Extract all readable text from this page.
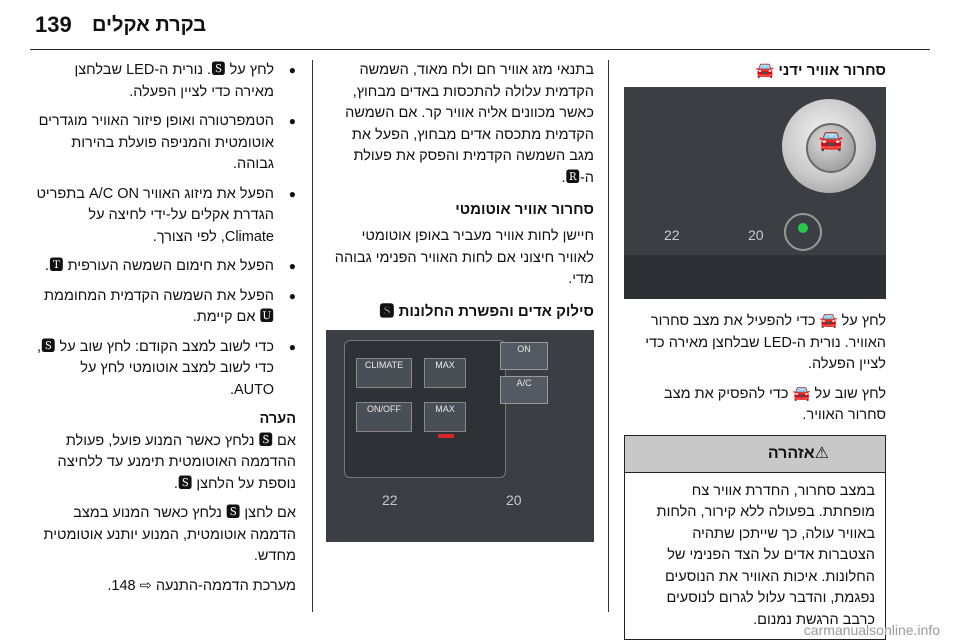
139 בקרת אקלים
סחרור אוויר ידני 🚘
🚘
22	20

לחץ על 🚘 כדי להפעיל את מצב סחרור האוויר. נורית ה-LED שבלחצן מאירה כדי לציין הפעלה.

לחץ שוב על 🚘 כדי להפסיק את מצב סחרור האוויר.

⚠אזהרה
במצב סחרור, החדרת אוויר צח מופחתת. בפעולה ללא קירור, הלחות באוויר עולה, כך שייתכן שתהיה הצטברות אדים על הצד הפנימי של החלונות. איכות האוויר את הנוסעים נפגמת, והדבר עלול לגרום לנוסעים כרבב הרגשת נמנום.

בתנאי מזג אוויר חם ולח מאוד, השמשה הקדמית עלולה להתכסות באדים מבחוץ, כאשר מכוונים אליה אוויר קר. אם השמשה הקדמית מתכסה אדים מבחוץ, הפעל את מגב השמשה הקדמית והפסק את פעולת ה-🆁.

סחרור אוויר אוטומטי

חיישן לחות אוויר מעביר באופן אוטומטי לאוויר חיצוני אם לחות האוויר הפנימי גבוהה מדי.

סילוק אדים והפשרת החלונות 🆂
CLIMATE	MAX
ON/OFF	MAX
ON
A/C
22	20
● לחץ על 🆂. נורית ה-LED שבלחצן מאירה כדי לציין הפעלה.
● הטמפרטורה ואופן פיזור האוויר מוגדרים אוטומטית והמניפה פועלת בהירות גבוהה.
● הפעל את מיזוג האוויר A/C ON בתפריט הגדרת אקלים על-ידי לחיצה על Climate, לפי הצורך.
● הפעל את חימום השמשה העורפית 🆃.
● הפעל את השמשה הקדמית המחוממת 🆄 אם קיימת.
● כדי לשוב למצב הקודם: לחץ שוב על 🆂, כדי לשוב למצב אוטומטי לחץ על AUTO.
הערה

אם 🆂 נלחץ כאשר המנוע פועל, פעולת ההדממה האוטומטית תימנע עד ללחיצה נוספת על הלחצן 🆂.

אם לחצן 🆂 נלחץ כאשר המנוע במצב הדממה אוטומטית, המנוע יותנע אוטומטית מחדש.

מערכת הדממה-התנעה ⇨ 148.

carmanualsonline.info
